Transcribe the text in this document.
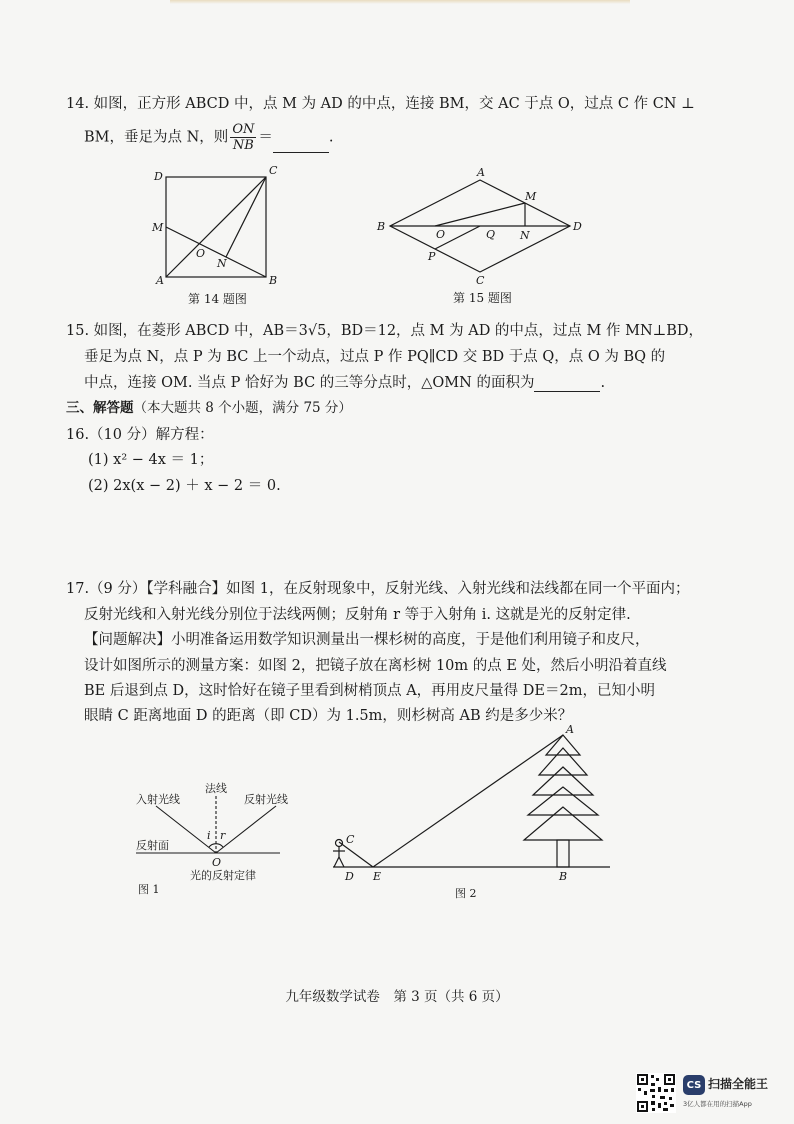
14. 如图，正方形 ABCD 中，点 M 为 AD 的中点，连接 BM，交 AC 于点 O，过点 C 作 CN ⊥
BM，垂足为点 N，则 $\frac{ON}{NB}$ ＝	.
D	C
M
O
N
A	B
第 14 题图
A
M
B
O	Q N
D
P
C
第 15 题图
15. 如图，在菱形 ABCD 中，AB＝3√5，BD＝12，点 M 为 AD 的中点，过点 M 作 MN⊥BD，
垂足为点 N，点 P 为 BC 上一个动点，过点 P 作 PQ∥CD 交 BD 于点 Q，点 O 为 BQ 的
中点，连接 OM. 当点 P 恰好为 BC 的三等分点时，△OMN 的面积为	.
三、解答题（本大题共 8 个小题，满分 75 分）
16.（10 分）解方程：
(1) x² − 4x ＝ 1；
(2) 2x(x − 2) ＋ x − 2 ＝ 0.
17.（9 分）【学科融合】如图 1，在反射现象中，反射光线、入射光线和法线都在同一个平面内；
反射光线和入射光线分别位于法线两侧；反射角 r 等于入射角 i. 这就是光的反射定律.
【问题解决】小明准备运用数学知识测量出一棵杉树的高度，于是他们利用镜子和皮尺，
设计如图所示的测量方案：如图 2，把镜子放在离杉树 10m 的点 E 处，然后小明沿着直线
BE 后退到点 D，这时恰好在镜子里看到树梢顶点 A，再用皮尺量得 DE＝2m，已知小明
眼睛 C 距离地面 D 的距离（即 CD）为 1.5m，则杉树高 AB 约是多少米？
入射光线
法线
反射光线
i r
反射面
O
光的反射定律
图 1
C
D E
A
B
图 2
九年级数学试卷　第 3 页（共 6 页）
CS 扫描全能王
3亿人都在用的扫描App
